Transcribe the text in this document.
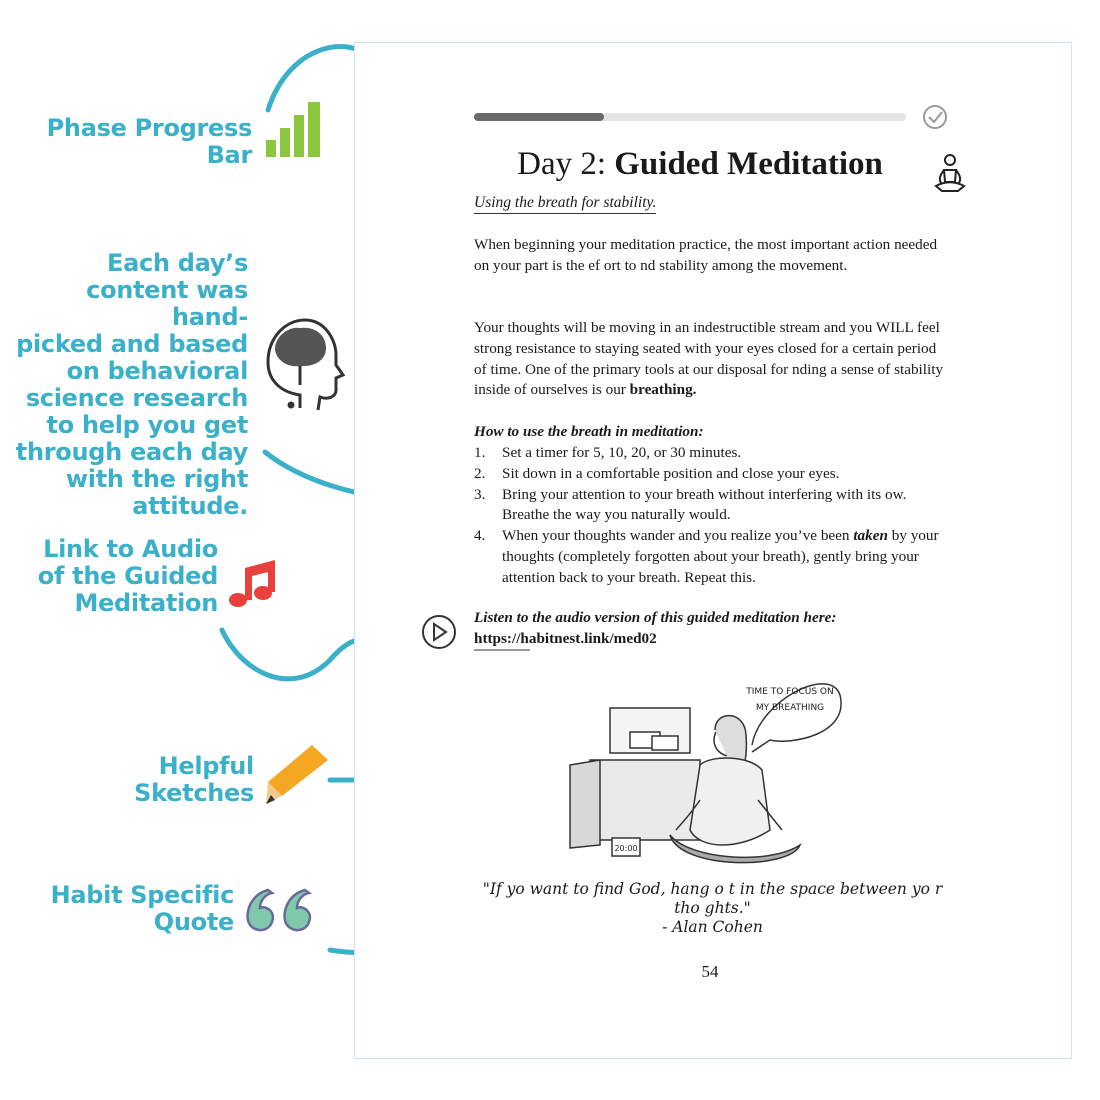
Phase Progress
Bar
Each day’s
content was hand-
picked and based
on behavioral
science research
to help you get
through each day
with the right
attitude.
Link to Audio
of the Guided
Meditation
Helpful
Sketches
Habit Specific
Quote
Day 2: Guided Meditation
Using the breath for stability.
When beginning your meditation practice, the most important action needed on your part is the ef ort to nd stability among the movement.
Your thoughts will be moving in an indestructible stream and you WILL feel strong resistance to staying seated with your eyes closed for a certain period of time. One of the primary tools at our disposal for nding a sense of stability inside of ourselves is our breathing.
How to use the breath in meditation:
1. Set a timer for 5, 10, 20, or 30 minutes.
2. Sit down in a comfortable position and close your eyes.
3. Bring your attention to your breath without interfering with its ow. Breathe the way you naturally would.
4. When your thoughts wander and you realize you’ve been taken by your thoughts (completely forgotten about your breath), gently bring your attention back to your breath. Repeat this.
Listen to the audio version of this guided meditation here:
https://habitnest.link/med02
TIME TO FOCUS ON
MY BREATHING
20:00
"If yo want to find God, hang o t in the space between yo r tho ghts."
- Alan Cohen
54
